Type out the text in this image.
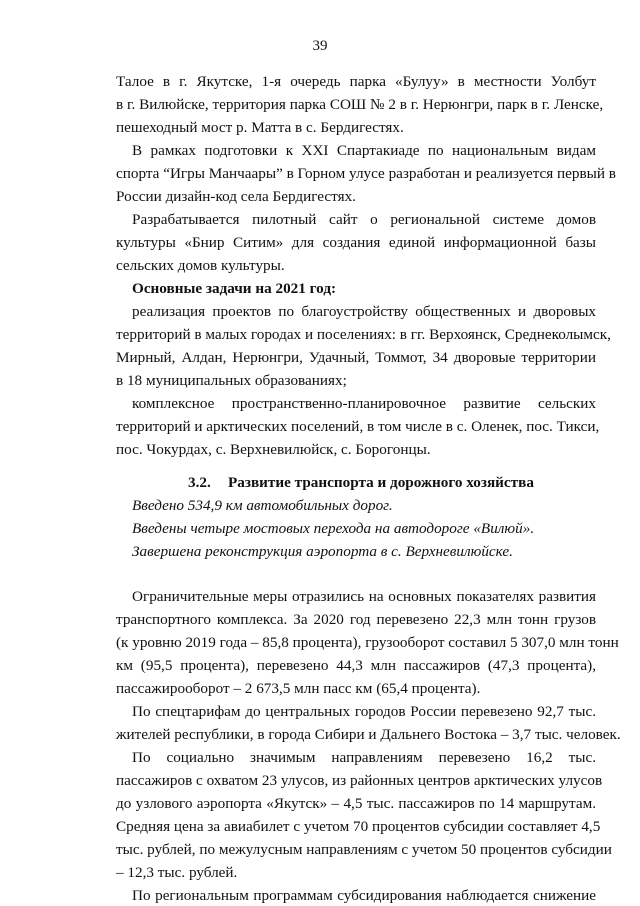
39
Талое в г. Якутске, 1-я очередь парка «Булуу» в местности Уолбут
в г. Вилюйске, территория парка СОШ № 2 в г. Нерюнгри, парк в г. Ленске,
пешеходный мост р. Матта в с. Бердигестях.
В рамках подготовки к XXI Спартакиаде по национальным видам
спорта “Игры Манчаары” в Горном улусе разработан и реализуется первый в
России дизайн-код села Бердигестях.
Разрабатывается пилотный сайт о региональной системе домов
культуры «Бнир Ситим» для создания единой информационной базы
сельских домов культуры.
Основные задачи на 2021 год:
реализация проектов по благоустройству общественных и дворовых
территорий в малых городах и поселениях: в гг. Верхоянск, Среднеколымск,
Мирный, Алдан, Нерюнгри, Удачный, Томмот, 34 дворовые территории
в 18 муниципальных образованиях;
комплексное пространственно-планировочное развитие сельских
территорий и арктических поселений, в том числе в с. Оленек, пос. Тикси,
пос. Чокурдах, с. Верхневилюйск, с. Борогонцы.
3.2. Развитие транспорта и дорожного хозяйства
Введено 534,9 км автомобильных дорог.
Введены четыре мостовых перехода на автодороге «Вилюй».
Завершена реконструкция аэропорта в с. Верхневилюйске.
Ограничительные меры отразились на основных показателях развития
транспортного комплекса. За 2020 год перевезено 22,3 млн тонн грузов
(к уровню 2019 года – 85,8 процента), грузооборот составил 5 307,0 млн тонн
км (95,5 процента), перевезено 44,3 млн пассажиров (47,3 процента),
пассажирооборот – 2 673,5 млн пасс км (65,4 процента).
По спецтарифам до центральных городов России перевезено 92,7 тыс.
жителей республики, в города Сибири и Дальнего Востока – 3,7 тыс. человек.
По социально значимым направлениям перевезено 16,2 тыс.
пассажиров с охватом 23 улусов, из районных центров арктических улусов
до узлового аэропорта «Якутск» – 4,5 тыс. пассажиров по 14 маршрутам.
Средняя цена за авиабилет с учетом 70 процентов субсидии составляет 4,5
тыс. рублей, по межулусным направлениям с учетом 50 процентов субсидии
– 12,3 тыс. рублей.
По региональным программам субсидирования наблюдается снижение
